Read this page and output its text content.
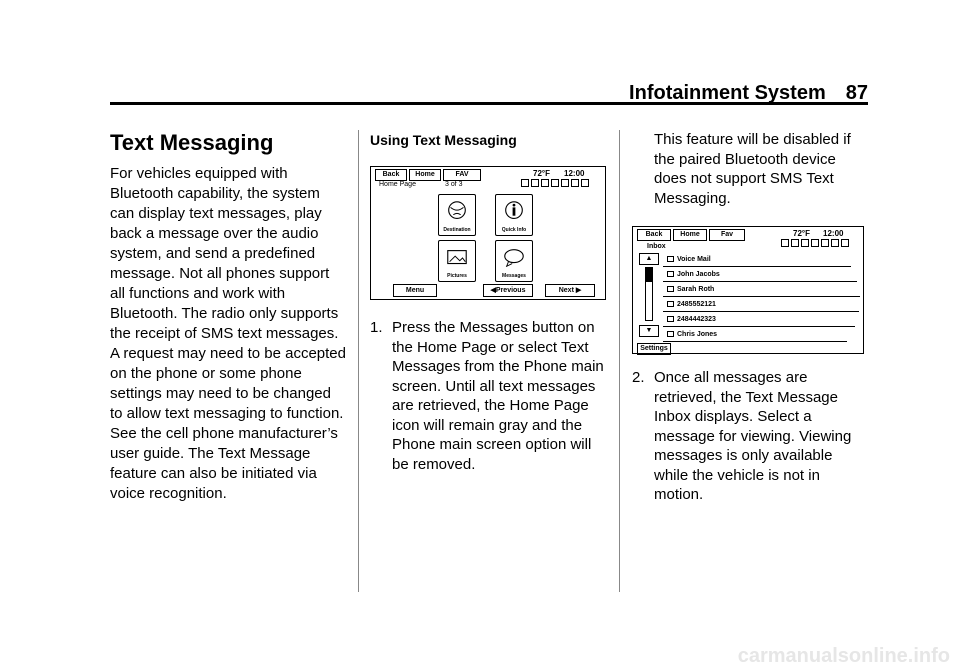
Infotainment System 87
Text Messaging
For vehicles equipped with Bluetooth capability, the system can display text messages, play back a message over the audio system, and send a predefined message. Not all phones support all functions and work with Bluetooth. The radio only supports the receipt of SMS text messages. A request may need to be accepted on the phone or some phone settings may need to be changed to allow text messaging to function. See the cell phone manufacturer’s user guide. The Text Message feature can also be initiated via voice recognition.
Using Text Messaging
Back	Home	FAV	72°F 12:00
Home Page	3 of 3
Destination	Quick Info
Pictures	Messages
Menu	◀Previous	Next ▶
1. Press the Messages button on the Home Page or select Text Messages from the Phone main screen. Until all text messages are retrieved, the Home Page icon will remain gray and the Phone main screen option will be removed.
This feature will be disabled if the paired Bluetooth device does not support SMS Text Messaging.
Back	Home	Fav	72°F 12:00
Inbox
▲
▼
Voice Mail
John Jacobs
Sarah Roth
2485552121
2484442323
Chris Jones
Settings
2. Once all messages are retrieved, the Text Message Inbox displays. Select a message for viewing. Viewing messages is only available while the vehicle is not in motion.
carmanualsonline.info
